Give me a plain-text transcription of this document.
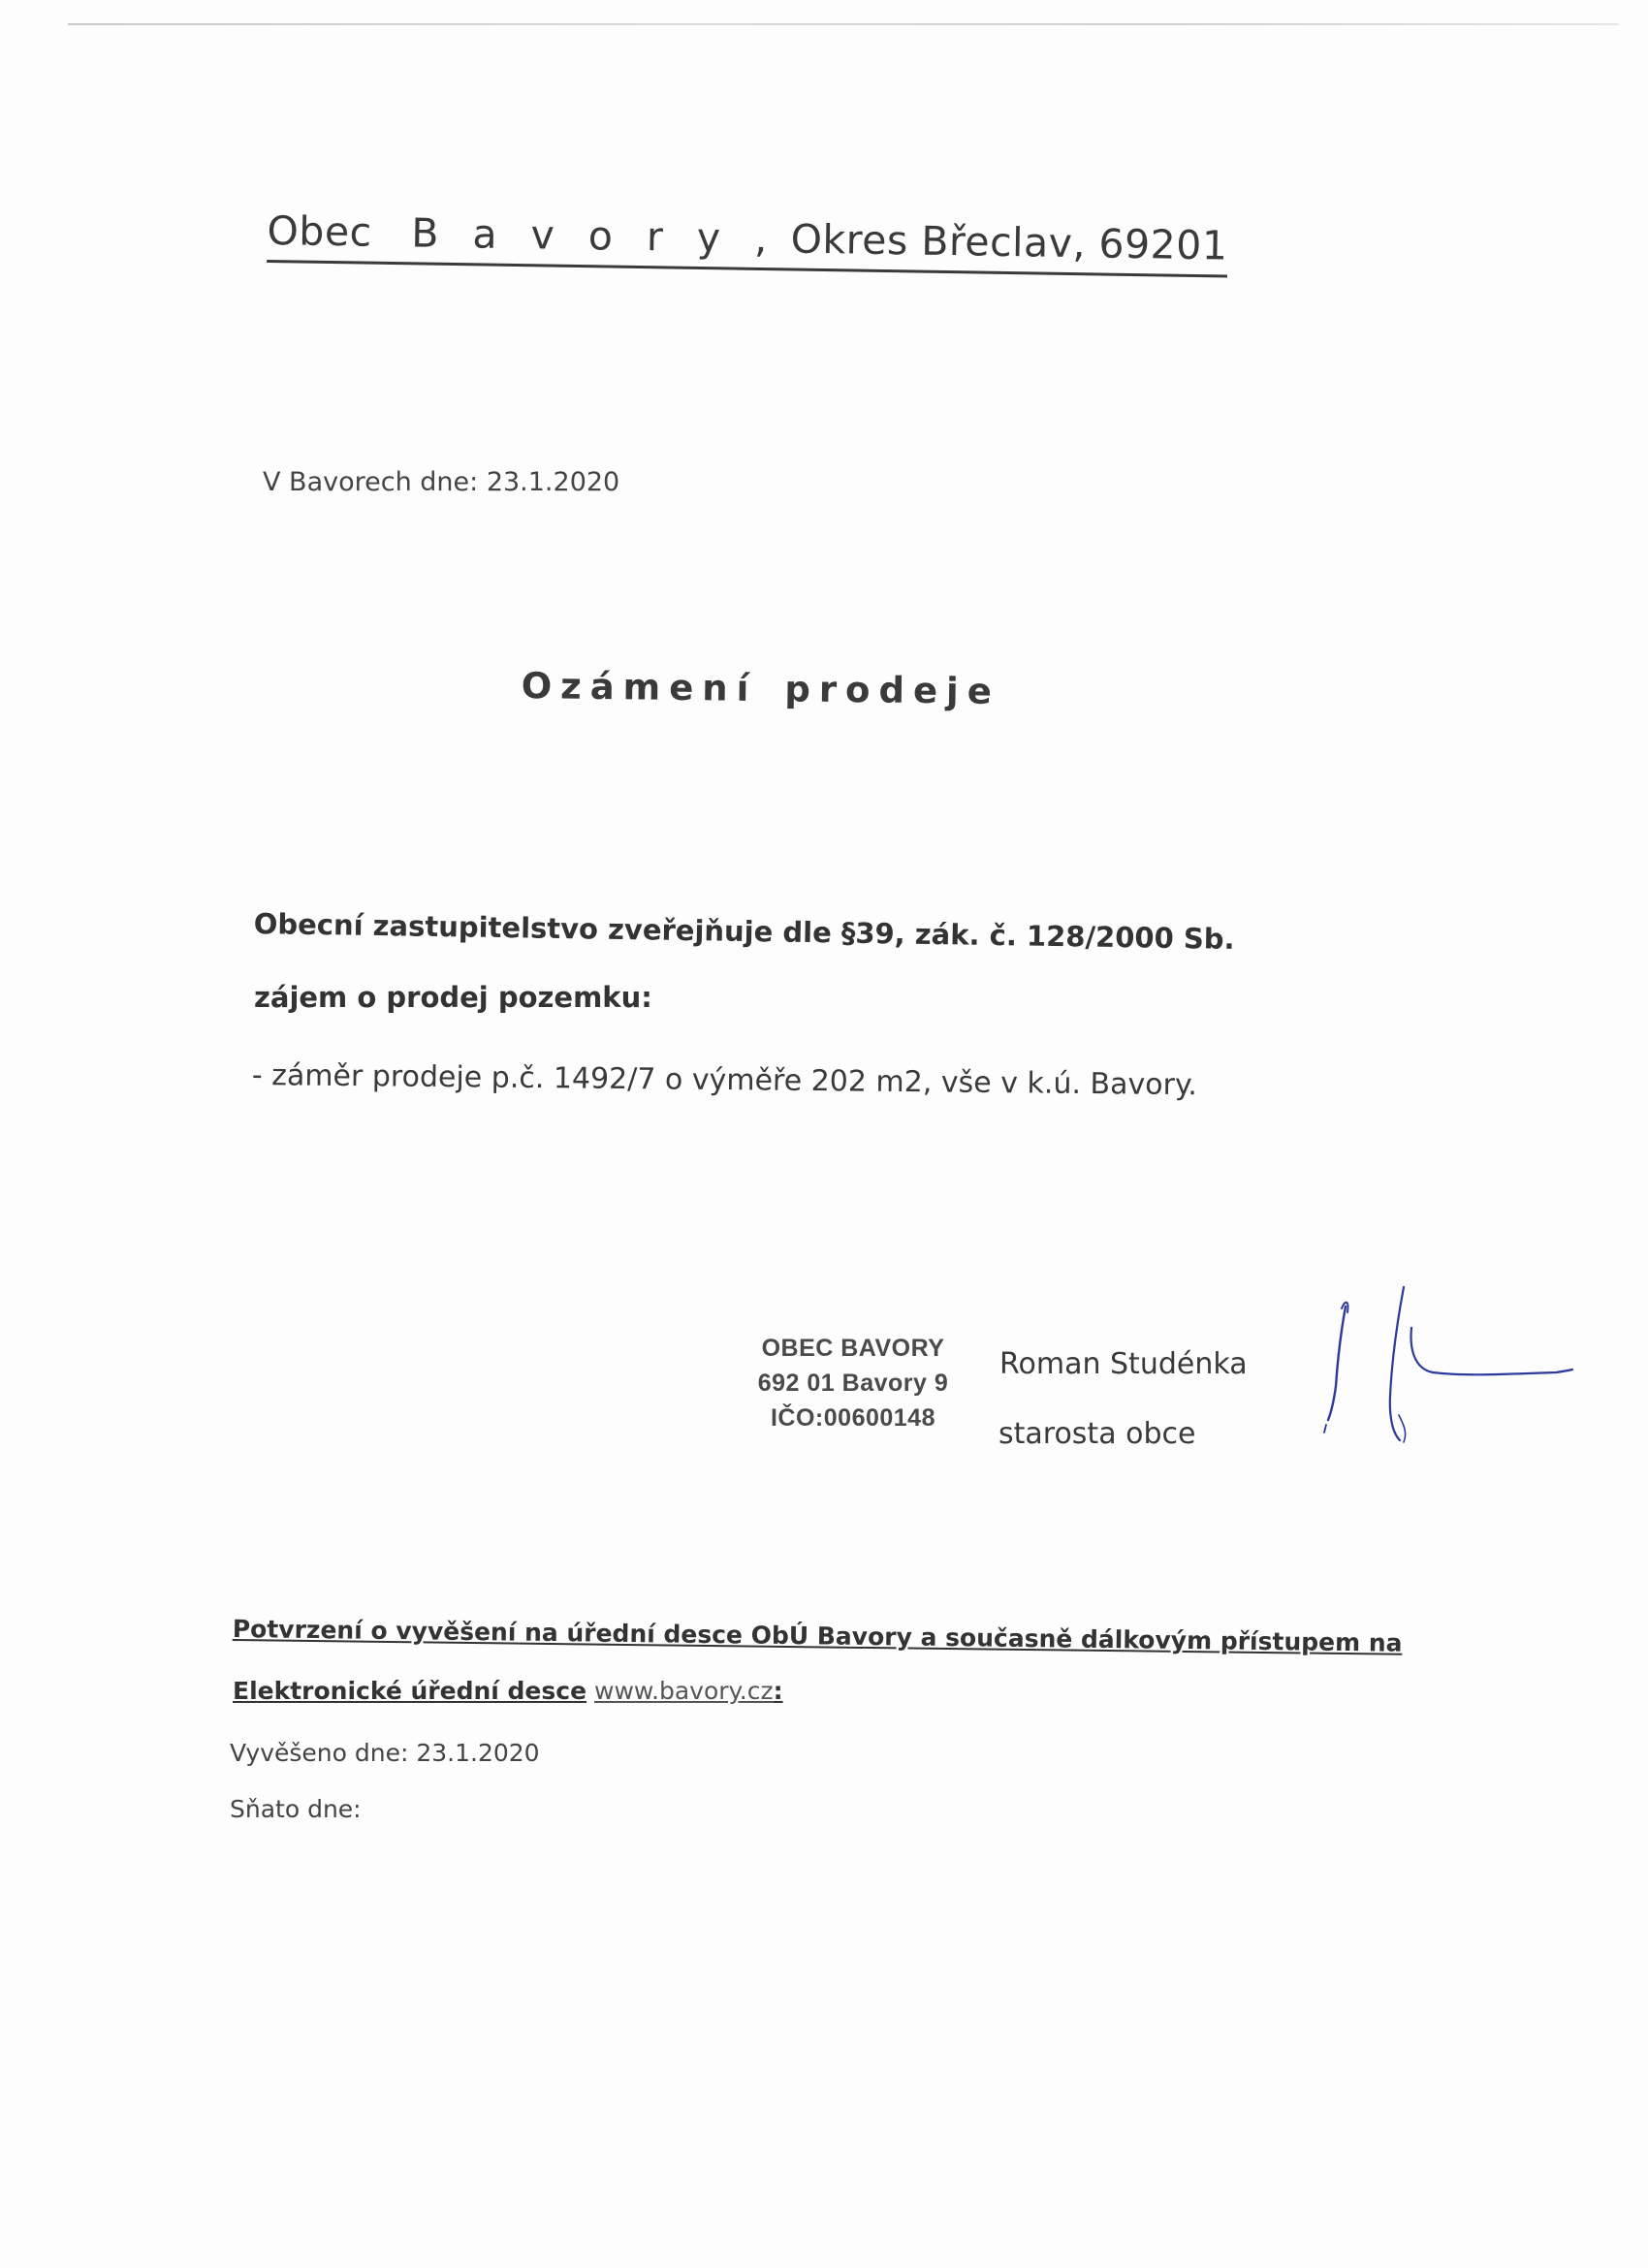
Obec B a v o r y , Okres Břeclav, 69201
V Bavorech dne: 23.1.2020
Ozámení prodeje
Obecní zastupitelstvo zveřejňuje dle §39, zák. č. 128/2000 Sb.
zájem o prodej pozemku:
- záměr prodeje p.č. 1492/7 o výměře 202 m2, vše v k.ú. Bavory.
OBEC BAVORY
692 01 Bavory 9
IČO:00600148
Roman Studénka
starosta obce
Potvrzení o vyvěšení na úřední desce ObÚ Bavory a současně dálkovým přístupem na
Elektronické úřední desce www.bavory.cz:
Vyvěšeno dne: 23.1.2020
Sňato dne:
